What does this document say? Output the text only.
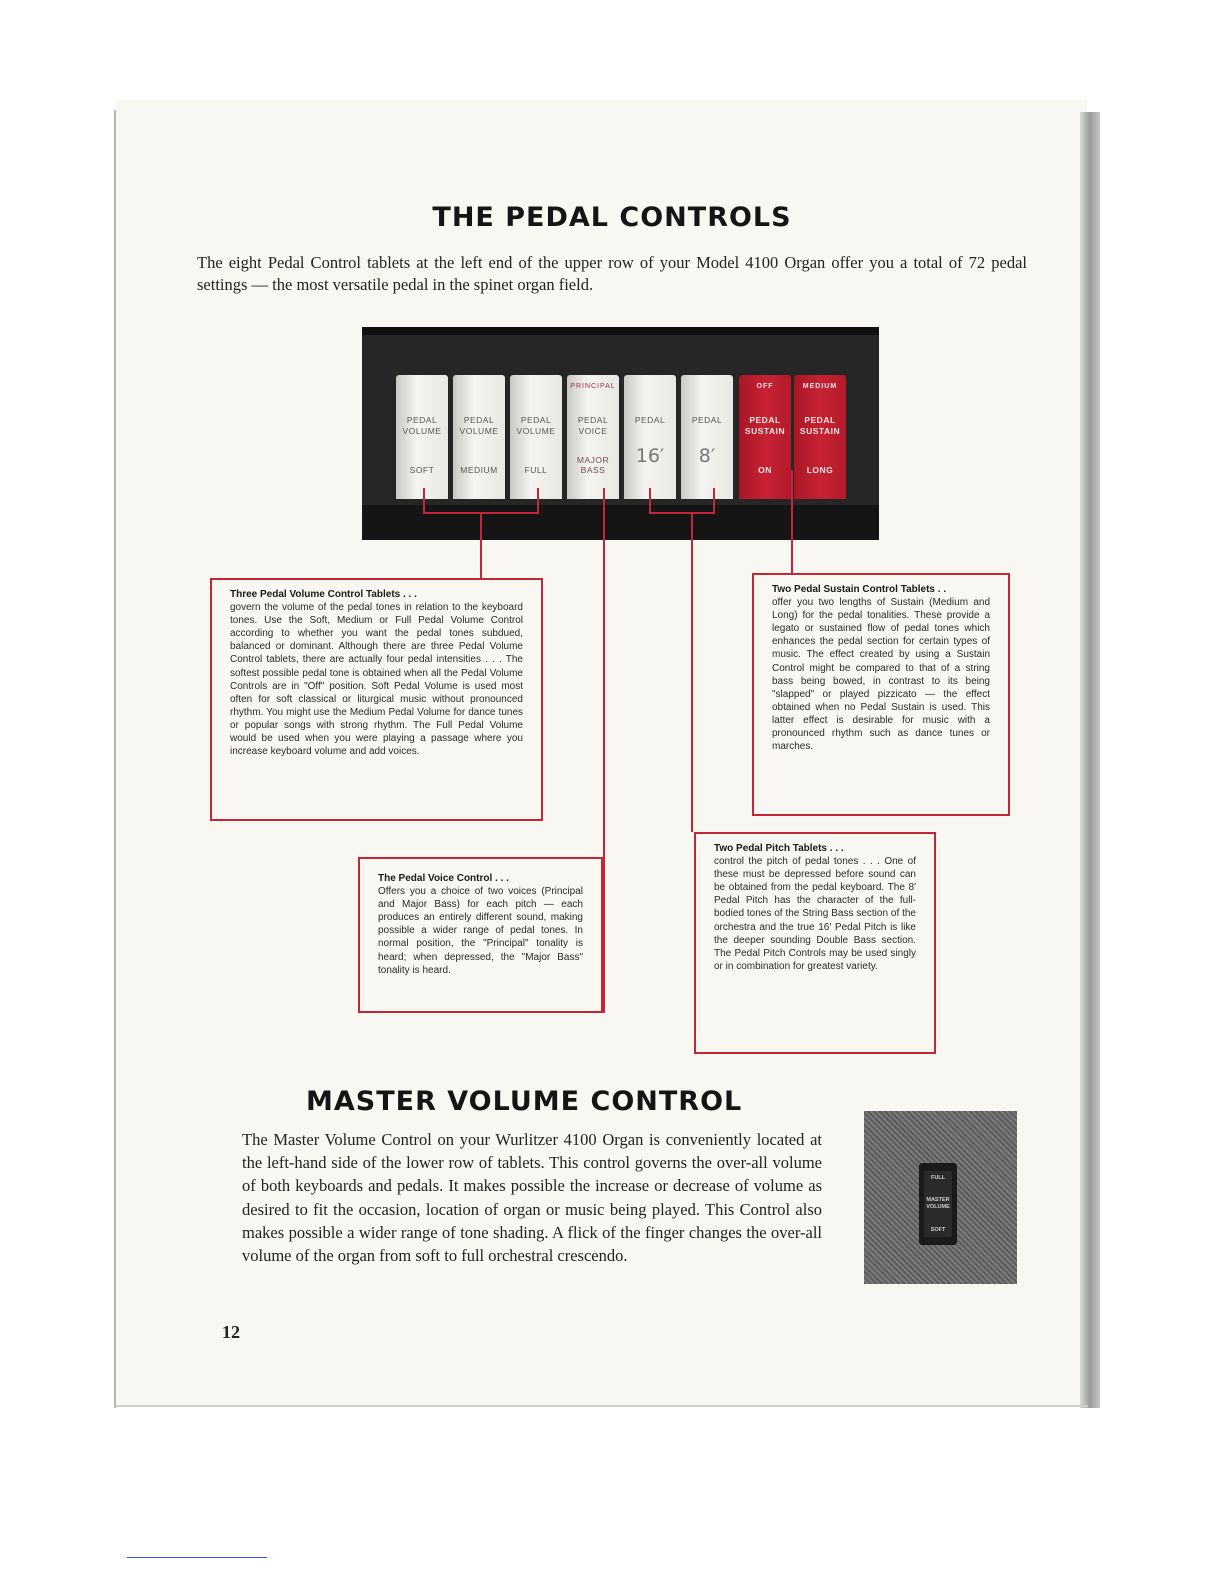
THE PEDAL CONTROLS
The eight Pedal Control tablets at the left end of the upper row of your Model 4100 Organ offer you a total of 72 pedal settings — the most versatile pedal in the spinet organ field.
PEDAL VOLUME
SOFT
PEDAL VOLUME
MEDIUM
PEDAL VOLUME
FULL
PRINCIPAL
PEDAL VOICE
MAJOR BASS
PEDAL
16′
PEDAL
8′
OFF
PEDAL SUSTAIN
ON
MEDIUM
PEDAL SUSTAIN
LONG
Three Pedal Volume Control Tablets . . .
govern the volume of the pedal tones in relation to the keyboard tones. Use the Soft, Medium or Full Pedal Volume Control according to whether you want the pedal tones subdued, balanced or dominant. Although there are three Pedal Volume Control tablets, there are actually four pedal intensities . . . The softest possible pedal tone is obtained when all the Pedal Volume Controls are in "Off" position. Soft Pedal Volume is used most often for soft classical or liturgical music without pronounced rhythm. You might use the Medium Pedal Volume for dance tunes or popular songs with strong rhythm. The Full Pedal Volume would be used when you were playing a passage where you increase keyboard volume and add voices.
Two Pedal Sustain Control Tablets . .
offer you two lengths of Sustain (Medium and Long) for the pedal tonalities. These provide a legato or sustained flow of pedal tones which enhances the pedal section for certain types of music. The effect created by using a Sustain Control might be compared to that of a string bass being bowed, in contrast to its being "slapped" or played pizzicato — the effect obtained when no Pedal Sustain is used. This latter effect is desirable for music with a pronounced rhythm such as dance tunes or marches.
The Pedal Voice Control . . .
Offers you a choice of two voices (Principal and Major Bass) for each pitch — each produces an entirely different sound, making possible a wider range of pedal tones. In normal position, the "Principal" tonality is heard; when depressed, the "Major Bass" tonality is heard.
Two Pedal Pitch Tablets . . .
control the pitch of pedal tones . . . One of these must be depressed before sound can be obtained from the pedal keyboard. The 8′ Pedal Pitch has the character of the full-bodied tones of the String Bass section of the orchestra and the true 16′ Pedal Pitch is like the deeper sounding Double Bass section. The Pedal Pitch Controls may be used singly or in combination for greatest variety.
MASTER VOLUME CONTROL
The Master Volume Control on your Wurlitzer 4100 Organ is conveniently located at the left-hand side of the lower row of tablets. This control governs the over-all volume of both keyboards and pedals. It makes possible the increase or decrease of volume as desired to fit the occasion, location of organ or music being played. This Control also makes possible a wider range of tone shading. A flick of the finger changes the over-all volume of the organ from soft to full orchestral crescendo.
FULL
MASTER VOLUME
SOFT
12
